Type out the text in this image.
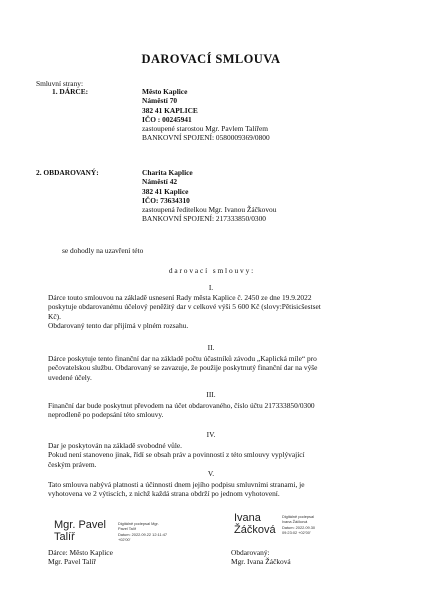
DAROVACÍ SMLOUVA
Smluvní strany:
1. DÁRCE:	Město Kaplice
Náměstí 70
382 41 KAPLICE
IČO : 00245941
zastoupené starostou Mgr. Pavlem Talířem
BANKOVNÍ SPOJENÍ: 0580009369/0800
2. OBDAROVANÝ:	Charita Kaplice
Náměstí 42
382 41 Kaplice
IČO: 73634310
zastoupená ředitelkou Mgr. Ivanou Žáčkovou
BANKOVNÍ SPOJENÍ: 217333850/0300
se dohodly na uzavření této
d a r o v a c í   s m l o u v y :
I.
Dárce touto smlouvou na základě usnesení Rady města Kaplice č. 2450 ze dne 19.9.2022
poskytuje obdarovanému účelový peněžitý dar v celkové výši 5 600 Kč (slovy:Pětisicšestset
Kč).
Obdarovaný tento dar přijímá v plném rozsahu.
II.
Dárce poskytuje tento finanční dar na základě počtu účastníků závodu „Kaplická míle“ pro
pečovatelskou službu. Obdarovaný se zavazuje, že použije poskytnutý finanční dar na výše
uvedené účely.
III.
Finanční dar bude poskytnut převodem na účet obdarovaného, číslo účtu 217333850/0300
neprodleně po podepsání této smlouvy.
IV.
Dar je poskytován na základě svobodné vůle.
Pokud není stanoveno jinak, řídí se obsah práv a povinností z této smlouvy vyplývající
českým právem.
V.
Tato smlouva nabývá platnosti a účinnosti dnem jejího podpisu smluvními stranami, je
vyhotovena ve 2 výtiscích, z nichž každá strana obdrží po jednom vyhotovení.
Mgr. Pavel
Talíř
Digitálně podepsal Mgr.
Pavel Talíř
Datum: 2022.09.22 12:11:47
+02'00'
Ivana
Žáčková
Digitálně podepsal
Ivana Žáčková
Datum: 2022.09.30
09:23:02 +02'00'
Dárce: Město Kaplice
Mgr. Pavel Talíř
Obdarovaný:
Mgr. Ivana Žáčková
